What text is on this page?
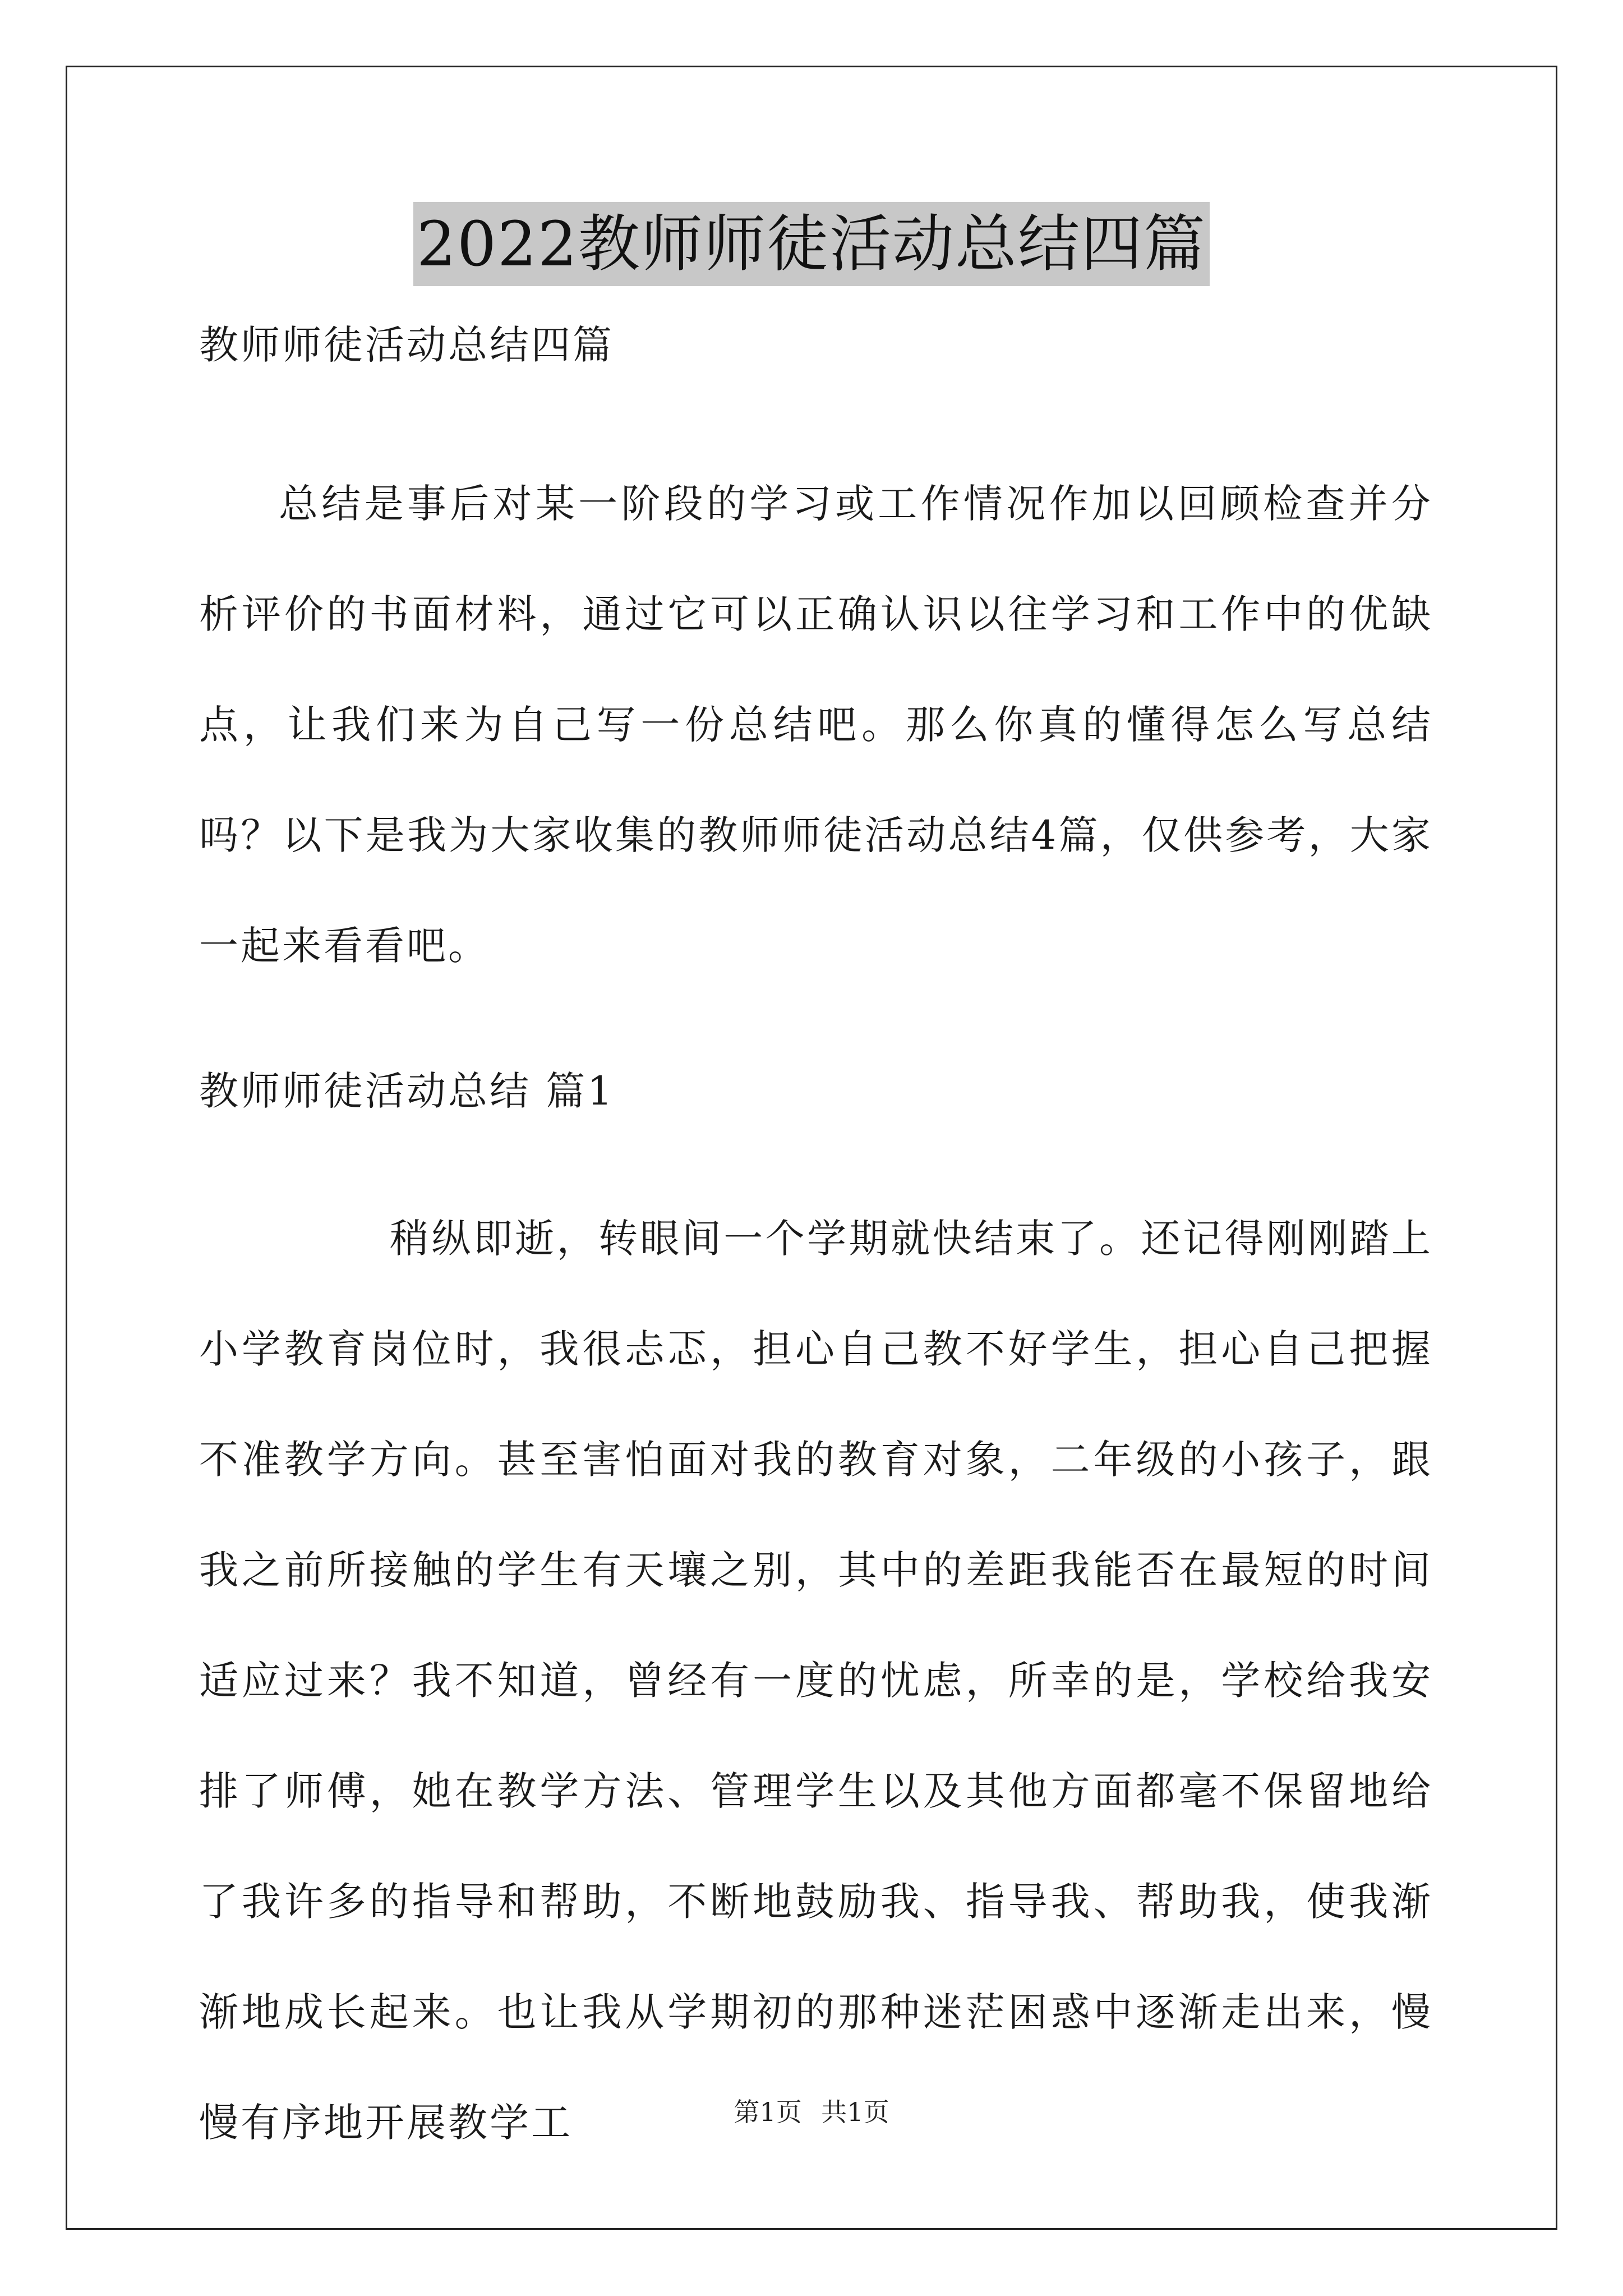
2022教师师徒活动总结四篇
教师师徒活动总结四篇
总结是事后对某一阶段的学习或工作情况作加以回顾检查并分析评价的书面材料，通过它可以正确认识以往学习和工作中的优缺点，让我们来为自己写一份总结吧。那么你真的懂得怎么写总结吗？以下是我为大家收集的教师师徒活动总结4篇，仅供参考，大家一起来看看吧。
教师师徒活动总结 篇1
稍纵即逝，转眼间一个学期就快结束了。还记得刚刚踏上小学教育岗位时，我很忐忑，担心自己教不好学生，担心自己把握不准教学方向。甚至害怕面对我的教育对象，二年级的小孩子，跟我之前所接触的学生有天壤之别，其中的差距我能否在最短的时间适应过来？我不知道，曾经有一度的忧虑，所幸的是，学校给我安排了师傅，她在教学方法、管理学生以及其他方面都毫不保留地给了我许多的指导和帮助，不断地鼓励我、指导我、帮助我，使我渐渐地成长起来。也让我从学期初的那种迷茫困惑中逐渐走出来，慢慢有序地开展教学工	第1页 共1页
